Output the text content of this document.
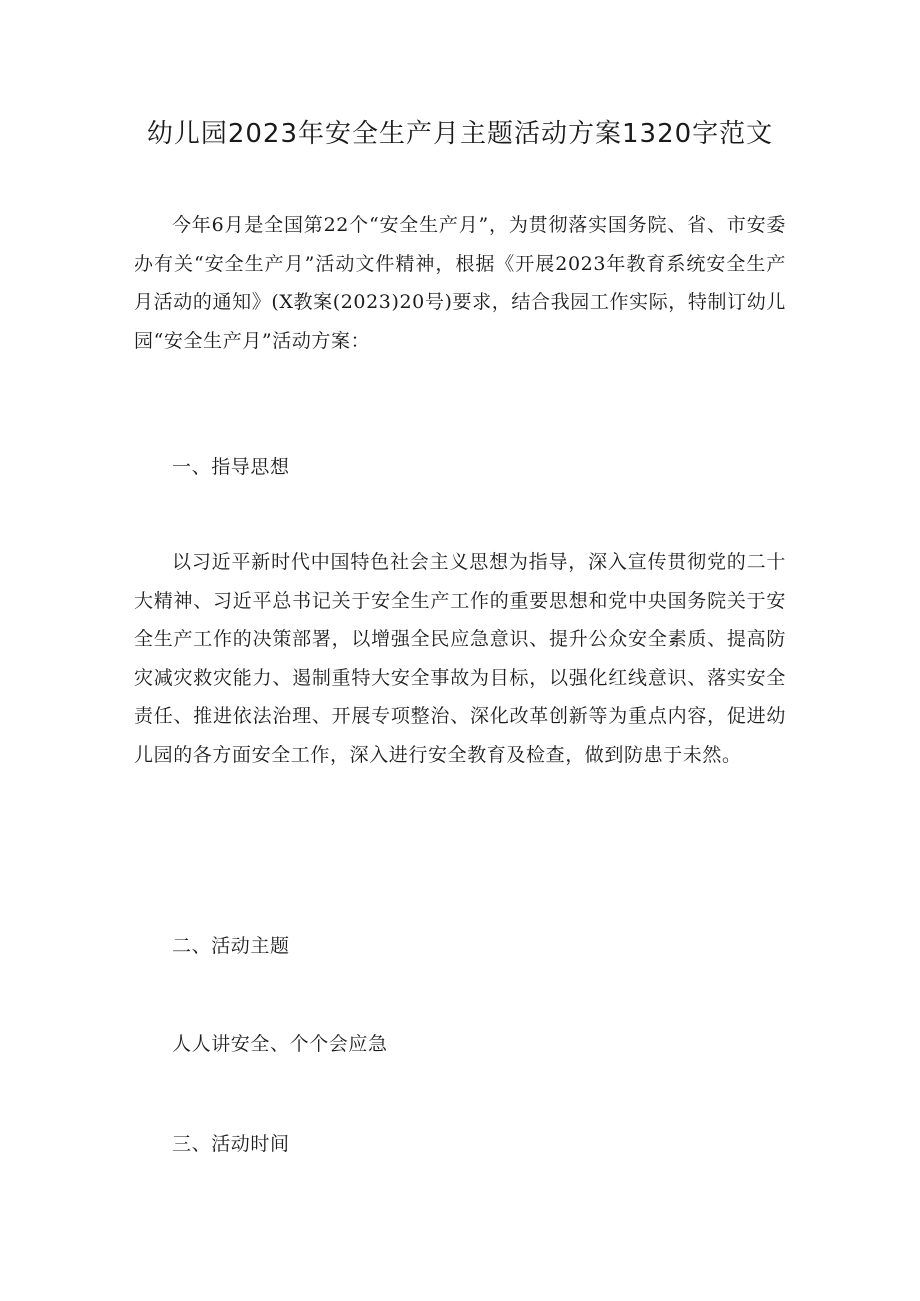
幼儿园2023年安全生产月主题活动方案1320字范文

今年6月是全国第22个“安全生产月”，为贯彻落实国务院、省、市安委办有关“安全生产月”活动文件精神，根据《开展2023年教育系统安全生产月活动的通知》(X教案(2023)20号)要求，结合我园工作实际，特制订幼儿园“安全生产月”活动方案：

一、指导思想

以习近平新时代中国特色社会主义思想为指导，深入宣传贯彻党的二十大精神、习近平总书记关于安全生产工作的重要思想和党中央国务院关于安全生产工作的决策部署，以增强全民应急意识、提升公众安全素质、提高防灾减灾救灾能力、遏制重特大安全事故为目标，以强化红线意识、落实安全责任、推进依法治理、开展专项整治、深化改革创新等为重点内容，促进幼儿园的各方面安全工作，深入进行安全教育及检查，做到防患于未然。

二、活动主题

人人讲安全、个个会应急

三、活动时间
